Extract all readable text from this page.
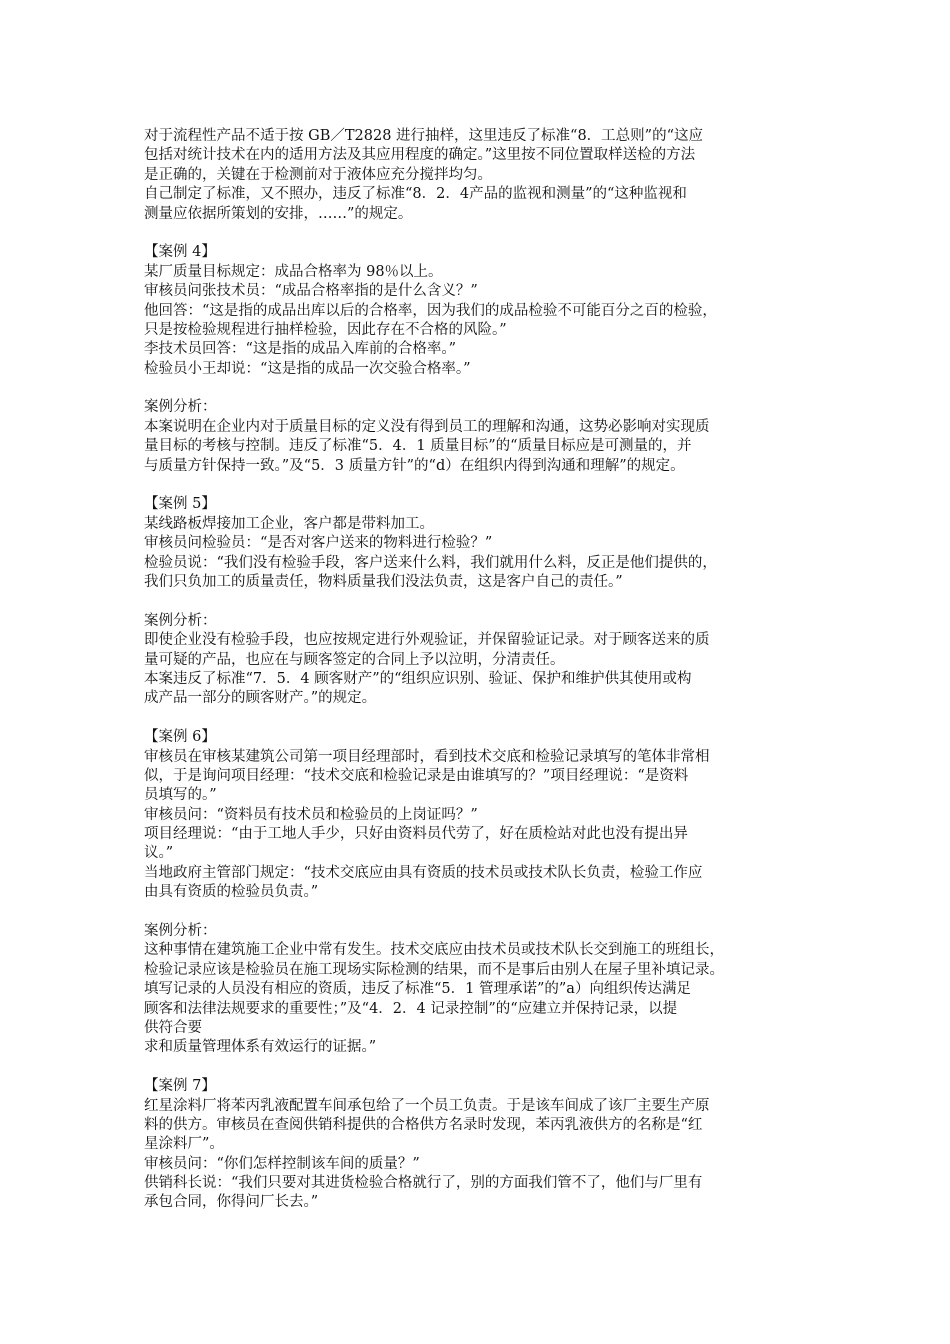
对于流程性产品不适于按 GB／T2828 进行抽样，这里违反了标准“8．工总则”的“这应
包括对统计技术在内的适用方法及其应用程度的确定。”这里按不同位置取样送检的方法
是正确的，关键在于检测前对于液体应充分搅拌均匀。
自己制定了标准，又不照办，违反了标准“8．2．4产品的监视和测量”的“这种监视和
测量应依据所策划的安排，……”的规定。
【案例 4】
某厂质量目标规定：成品合格率为 98％以上。
审核员问张技术员：“成品合格率指的是什么含义？”
他回答：“这是指的成品出库以后的合格率，因为我们的成品检验不可能百分之百的检验，
只是按检验规程进行抽样检验，因此存在不合格的风险。”
李技术员回答：“这是指的成品入库前的合格率。”
检验员小王却说：“这是指的成品一次交验合格率。”
案例分析：
本案说明在企业内对于质量目标的定义没有得到员工的理解和沟通，这势必影响对实现质
量目标的考核与控制。违反了标准“5．4．1 质量目标”的“质量目标应是可测量的，并
与质量方针保持一致。”及“5．3 质量方针”的“d）在组织内得到沟通和理解”的规定。
【案例 5】
某线路板焊接加工企业，客户都是带料加工。
审核员问检验员：“是否对客户送来的物料进行检验？”
检验员说：“我们没有检验手段，客户送来什么料，我们就用什么料，反正是他们提供的，
我们只负加工的质量责任，物料质量我们没法负责，这是客户自己的责任。”
案例分析：
即使企业没有检验手段，也应按规定进行外观验证，并保留验证记录。对于顾客送来的质
量可疑的产品，也应在与顾客签定的合同上予以泣明，分清责任。
本案违反了标准“7．5．4 顾客财产”的“组织应识别、验证、保护和维护供其使用或构
成产品一部分的顾客财产。”的规定。
【案例 6】
审核员在审核某建筑公司第一项目经理部时，看到技术交底和检验记录填写的笔体非常相
似，于是询问项目经理：“技术交底和检验记录是由谁填写的？”项目经理说：“是资料
员填写的。”
审核员问：“资料员有技术员和检验员的上岗证吗？”
项目经理说：“由于工地人手少，只好由资料员代劳了，好在质检站对此也没有提出异
议。”
当地政府主管部门规定：“技术交底应由具有资质的技术员或技术队长负责，检验工作应
由具有资质的检验员负责。”
案例分析：
这种事情在建筑施工企业中常有发生。技术交底应由技术员或技术队长交到施工的班组长，
检验记录应该是检验员在施工现场实际检测的结果，而不是事后由别人在屋子里补填记录。
填写记录的人员没有相应的资质，违反了标准“5．1 管理承诺”的”a）向组织传达满足
顾客和法律法规要求的重要性；”及“4．2．4 记录控制”的“应建立并保持记录，以提
供符合要
求和质量管理体系有效运行的证据。”
【案例 7】
红星涂料厂将苯丙乳液配置车间承包给了一个员工负责。于是该车间成了该厂主要生产原
料的供方。审核员在查阅供销科提供的合格供方名录时发现，苯丙乳液供方的名称是“红
星涂料厂”。
审核员问：“你们怎样控制该车间的质量？”
供销科长说：“我们只要对其进货检验合格就行了，别的方面我们管不了，他们与厂里有
承包合同，你得问厂长去。”
